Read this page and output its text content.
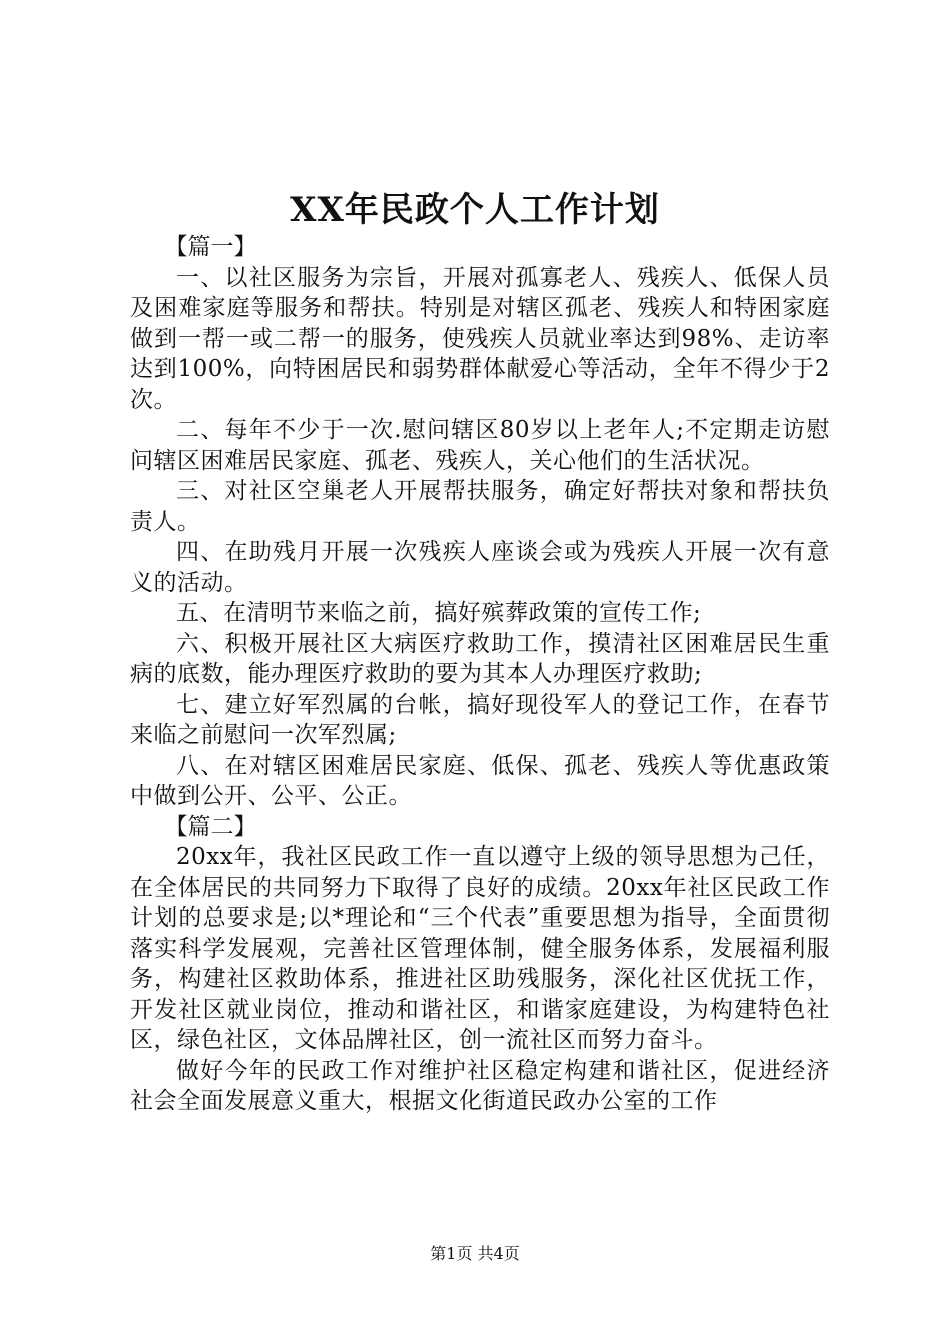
XX年民政个人工作计划

【篇一】

一、以社区服务为宗旨，开展对孤寡老人、残疾人、低保人员及困难家庭等服务和帮扶。特别是对辖区孤老、残疾人和特困家庭做到一帮一或二帮一的服务，使残疾人员就业率达到98%、走访率达到100%，向特困居民和弱势群体献爱心等活动，全年不得少于2次。

二、每年不少于一次.慰问辖区80岁以上老年人;不定期走访慰问辖区困难居民家庭、孤老、残疾人，关心他们的生活状况。

三、对社区空巢老人开展帮扶服务，确定好帮扶对象和帮扶负责人。

四、在助残月开展一次残疾人座谈会或为残疾人开展一次有意义的活动。

五、在清明节来临之前，搞好殡葬政策的宣传工作;

六、积极开展社区大病医疗救助工作，摸清社区困难居民生重病的底数，能办理医疗救助的要为其本人办理医疗救助;

七、建立好军烈属的台帐，搞好现役军人的登记工作，在春节来临之前慰问一次军烈属;

八、在对辖区困难居民家庭、低保、孤老、残疾人等优惠政策中做到公开、公平、公正。

【篇二】

20xx年，我社区民政工作一直以遵守上级的领导思想为己任，在全体居民的共同努力下取得了良好的成绩。20xx年社区民政工作计划的总要求是;以*理论和“三个代表”重要思想为指导，全面贯彻落实科学发展观，完善社区管理体制，健全服务体系，发展福利服务，构建社区救助体系，推进社区助残服务，深化社区优抚工作，开发社区就业岗位，推动和谐社区，和谐家庭建设，为构建特色社区，绿色社区，文体品牌社区，创一流社区而努力奋斗。

做好今年的民政工作对维护社区稳定构建和谐社区，促进经济社会全面发展意义重大，根据文化街道民政办公室的工作

第1页 共4页
